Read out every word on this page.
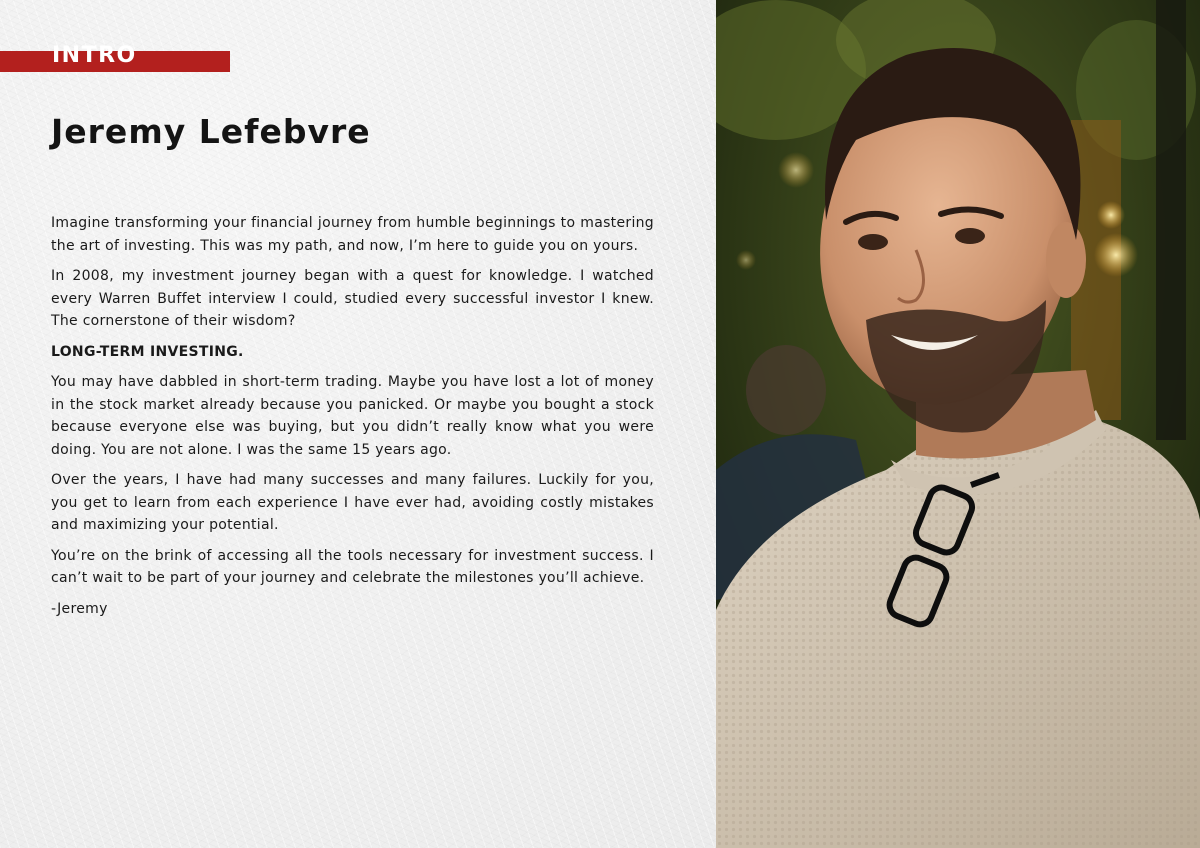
INTRO
Jeremy Lefebvre

Imagine transforming your financial journey from humble beginnings to mastering the art of investing. This was my path, and now, I’m here to guide you on yours.

In 2008, my investment journey began with a quest for knowledge. I watched every Warren Buffet interview I could, studied every successful investor I knew. The cornerstone of their wisdom?

LONG-TERM INVESTING.

You may have dabbled in short-term trading. Maybe you have lost a lot of money in the stock market already because you panicked. Or maybe you bought a stock because everyone else was buying, but you didn’t really know what you were doing. You are not alone. I was the same 15 years ago.

Over the years, I have had many successes and many failures. Luckily for you, you get to learn from each experience I have ever had, avoiding costly mistakes and maximizing your potential.

You’re on the brink of accessing all the tools necessary for investment success. I can’t wait to be part of your journey and celebrate the milestones you’ll achieve.

-Jeremy
